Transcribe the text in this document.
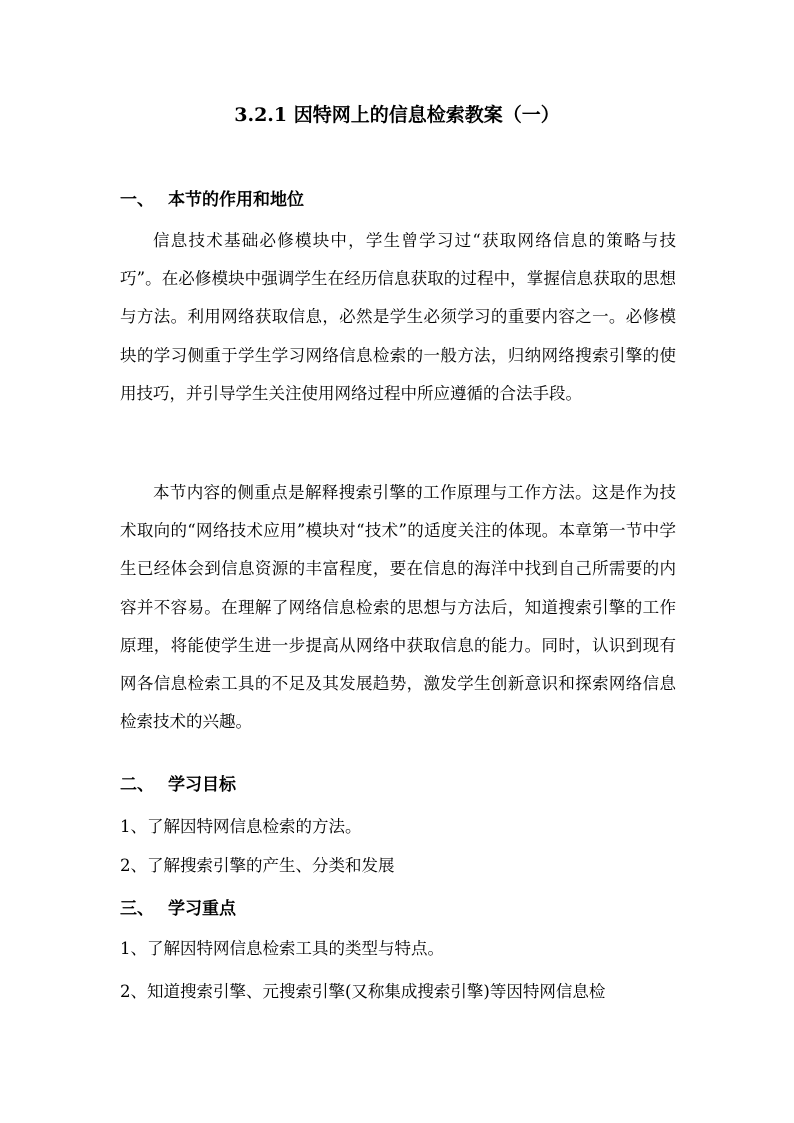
3.2.1 因特网上的信息检索教案（一）
一、 本节的作用和地位

信息技术基础必修模块中，学生曾学习过“获取网络信息的策略与技巧”。在必修模块中强调学生在经历信息获取的过程中，掌握信息获取的思想与方法。利用网络获取信息，必然是学生必须学习的重要内容之一。必修模块的学习侧重于学生学习网络信息检索的一般方法，归纳网络搜索引擎的使用技巧，并引导学生关注使用网络过程中所应遵循的合法手段。

本节内容的侧重点是解释搜索引擎的工作原理与工作方法。这是作为技术取向的“网络技术应用”模块对“技术”的适度关注的体现。本章第一节中学生已经体会到信息资源的丰富程度，要在信息的海洋中找到自己所需要的内容并不容易。在理解了网络信息检索的思想与方法后，知道搜索引擎的工作原理，将能使学生进一步提高从网络中获取信息的能力。同时，认识到现有网各信息检索工具的不足及其发展趋势，激发学生创新意识和探索网络信息检索技术的兴趣。

二、 学习目标

1、了解因特网信息检索的方法。

2、了解搜索引擎的产生、分类和发展

三、 学习重点

1、了解因特网信息检索工具的类型与特点。

2、知道搜索引擎、元搜索引擎(又称集成搜索引擎)等因特网信息检
